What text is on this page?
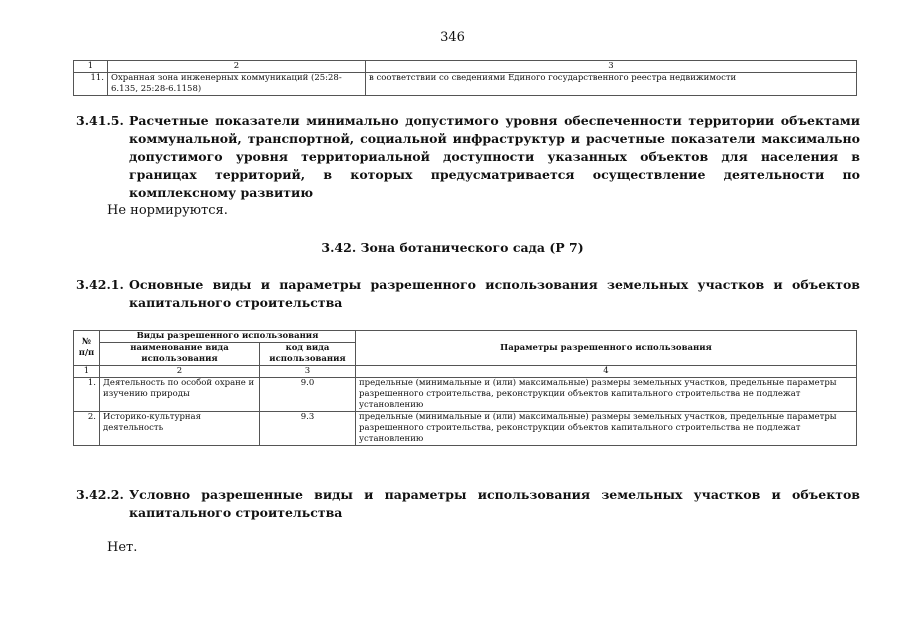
346
1	2	3
11.	Охранная зона инженерных коммуникаций (25:28-6.135, 25:28-6.1158)	в соответствии со сведениями Единого государственного реестра недвижимости
3.41.5. Расчетные показатели минимально допустимого уровня обеспеченности территории объектами коммунальной, транспортной, социальной инфраструктур и расчетные показатели максимально допустимого уровня территориальной доступности указанных объектов для населения в границах территорий, в которых предусматривается осуществление деятельности по комплексному развитию
Не нормируются.
3.42. Зона ботанического сада (Р 7)
3.42.1. Основные виды и параметры разрешенного использования земельных участков и объектов капитального строительства
№ п/п	Виды разрешенного использования		Параметры разрешенного использования
	наименование вида использования	код вида использования	
1	2	3	4
1.	Деятельность по особой охране и изучению природы	9.0	предельные (минимальные и (или) максимальные) размеры земельных участков, предельные параметры разрешенного строительства, реконструкции объектов капитального строительства не подлежат установлению
2.	Историко-культурная деятельность	9.3	предельные (минимальные и (или) максимальные) размеры земельных участков, предельные параметры разрешенного строительства, реконструкции объектов капитального строительства не подлежат установлению
3.42.2. Условно разрешенные виды и параметры использования земельных участков и объектов капитального строительства
Нет.
